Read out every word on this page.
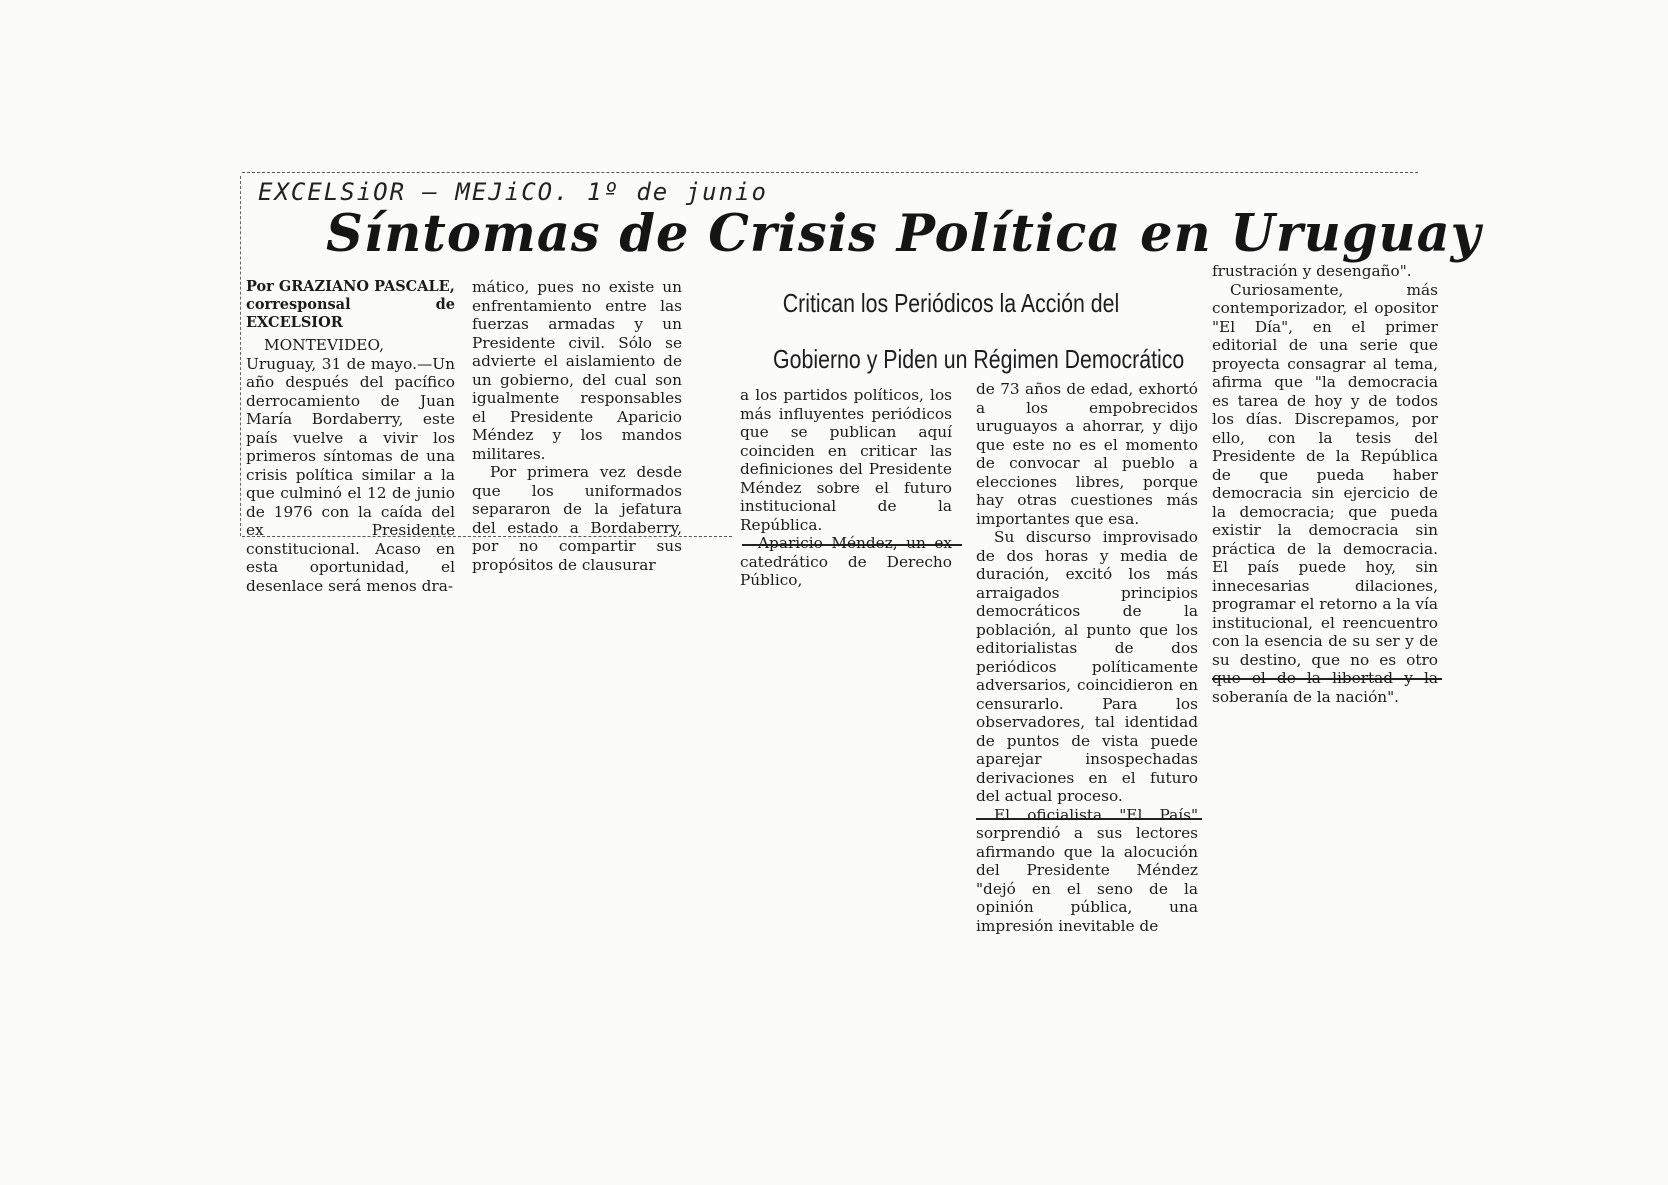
EXCELSiOR — MEJiCO. 1º de junio
Síntomas de Crisis Política en Uruguay
Por GRAZIANO PASCALE,
corresponsal de EXCELSIOR

MONTEVIDEO, Uruguay, 31 de mayo.—Un año después del pacífico derrocamiento de Juan María Bordaberry, este país vuelve a vivir los primeros síntomas de una crisis política similar a la que culminó el 12 de junio de 1976 con la caída del ex Presidente constitucional. Acaso en esta oportunidad, el desenlace será menos dra-

mático, pues no existe un enfrentamiento entre las fuerzas armadas y un Presidente civil. Sólo se advierte el aislamiento de un gobierno, del cual son igualmente responsables el Presidente Aparicio Méndez y los mandos militares.

Por primera vez desde que los uniformados separaron de la jefatura del estado a Bordaberry, por no compartir sus propósitos de clausurar

Critican los Periódicos la Acción del
Gobierno y Piden un Régimen Democrático

a los partidos políticos, los más influyentes periódicos que se publican aquí coinciden en criticar las definiciones del Presidente Méndez sobre el futuro institucional de la República.

Aparicio Méndez, un ex catedrático de Derecho Público,

de 73 años de edad, exhortó a los empobrecidos uruguayos a ahorrar, y dijo que este no es el momento de convocar al pueblo a elecciones libres, porque hay otras cuestiones más importantes que esa.

Su discurso improvisado de dos horas y media de duración, excitó los más arraigados principios democráticos de la población, al punto que los editorialistas de dos periódicos políticamente adversarios, coincidieron en censurarlo. Para los observadores, tal identidad de puntos de vista puede aparejar insospechadas derivaciones en el futuro del actual proceso.

El oficialista "El País" sorprendió a sus lectores afirmando que la alocución del Presidente Méndez "dejó en el seno de la opinión pública, una impresión inevitable de

frustración y desengaño".

Curiosamente, más contemporizador, el opositor "El Día", en el primer editorial de una serie que proyecta consagrar al tema, afirma que "la democracia es tarea de hoy y de todos los días. Discrepamos, por ello, con la tesis del Presidente de la República de que pueda haber democracia sin ejercicio de la democracia; que pueda existir la democracia sin práctica de la democracia. El país puede hoy, sin innecesarias dilaciones, programar el retorno a la vía institucional, el reencuentro con la esencia de su ser y de su destino, que no es otro que el de la libertad y la soberanía de la nación".
